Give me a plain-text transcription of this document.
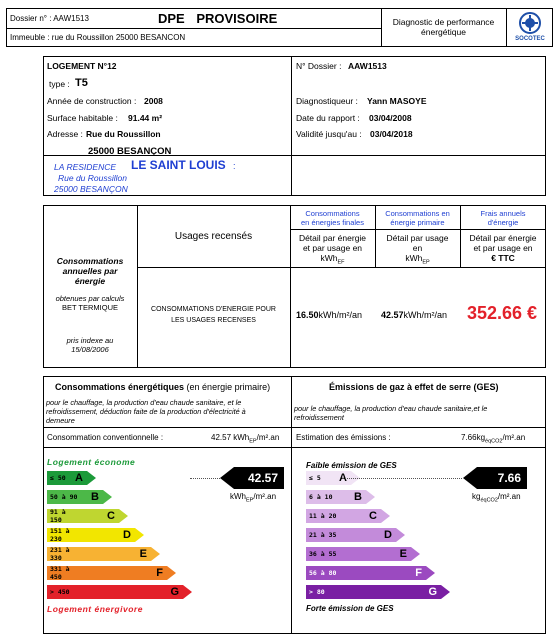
Dossier n° : AAW1513	DPE PROVISOIRE
Immeuble : rue du Roussillon 25000 BESANCON
Diagnostic de performance
énergétique
SOCOTEC
LOGEMENT N°12
type : T5
Année de construction : 2008
Surface habitable : 91.44 m²
Adresse : Rue du Roussillon
25000 BESANÇON
LA RESIDENCE LE SAINT LOUIS :
Rue du Roussillon
25000 BESANÇON
N° Dossier : AAW1513
Diagnostiqueur : Yann MASOYE
Date du rapport : 03/04/2008
Validité jusqu'au : 03/04/2018
Consommations
annuelles par
énergie
obtenues par calculs
BET TERMIQUE
pris indexe au
15/08/2006
Usages recensés
CONSOMMATIONS D'ENERGIE POUR
LES USAGES RECENSES
Consommations
en énergies finales
Détail par énergie
et par usage en
kWh$_{EF}$
Consommations en
énergie primaire
Détail par usage
en
kWh$_{EP}$
Frais annuels
d'énergie
Détail par énergie
et par usage en
€ TTC
16.50kWh/m²/an 42.57kWh/m²/an 352.66 €
Consommations énergétiques (en énergie primaire)
pour le chauffage, la production d'eau chaude sanitaire, et le
refroidissement, déduction faite de la production d'électricité à
demeure
Consommation conventionnelle :	42.57 kWh$_{EP}$/m².an
Logement économe
≤ 50 A
50 à 90	B
91 à 150	C
151 à 230	D
231 à 330	E
331 à 450	F
> 450	G
Logement énergivore
42.57
kWh$_{EP}$/m².an
Émissions de gaz à effet de serre (GES)
pour le chauffage, la production d'eau chaude sanitaire,et le
refroidissement
Estimation des émissions :	$7.66kg_{éqCO2}/m^2.an$
Faible émission de GES
≤ 5	A
6 à 10	B
11 à 20	C
21 à 35	D
36 à 55	E
56 à 80	F
> 80	G
Forte émission de GES
7.66
$kg_{éqCO2}/m^2.an$
